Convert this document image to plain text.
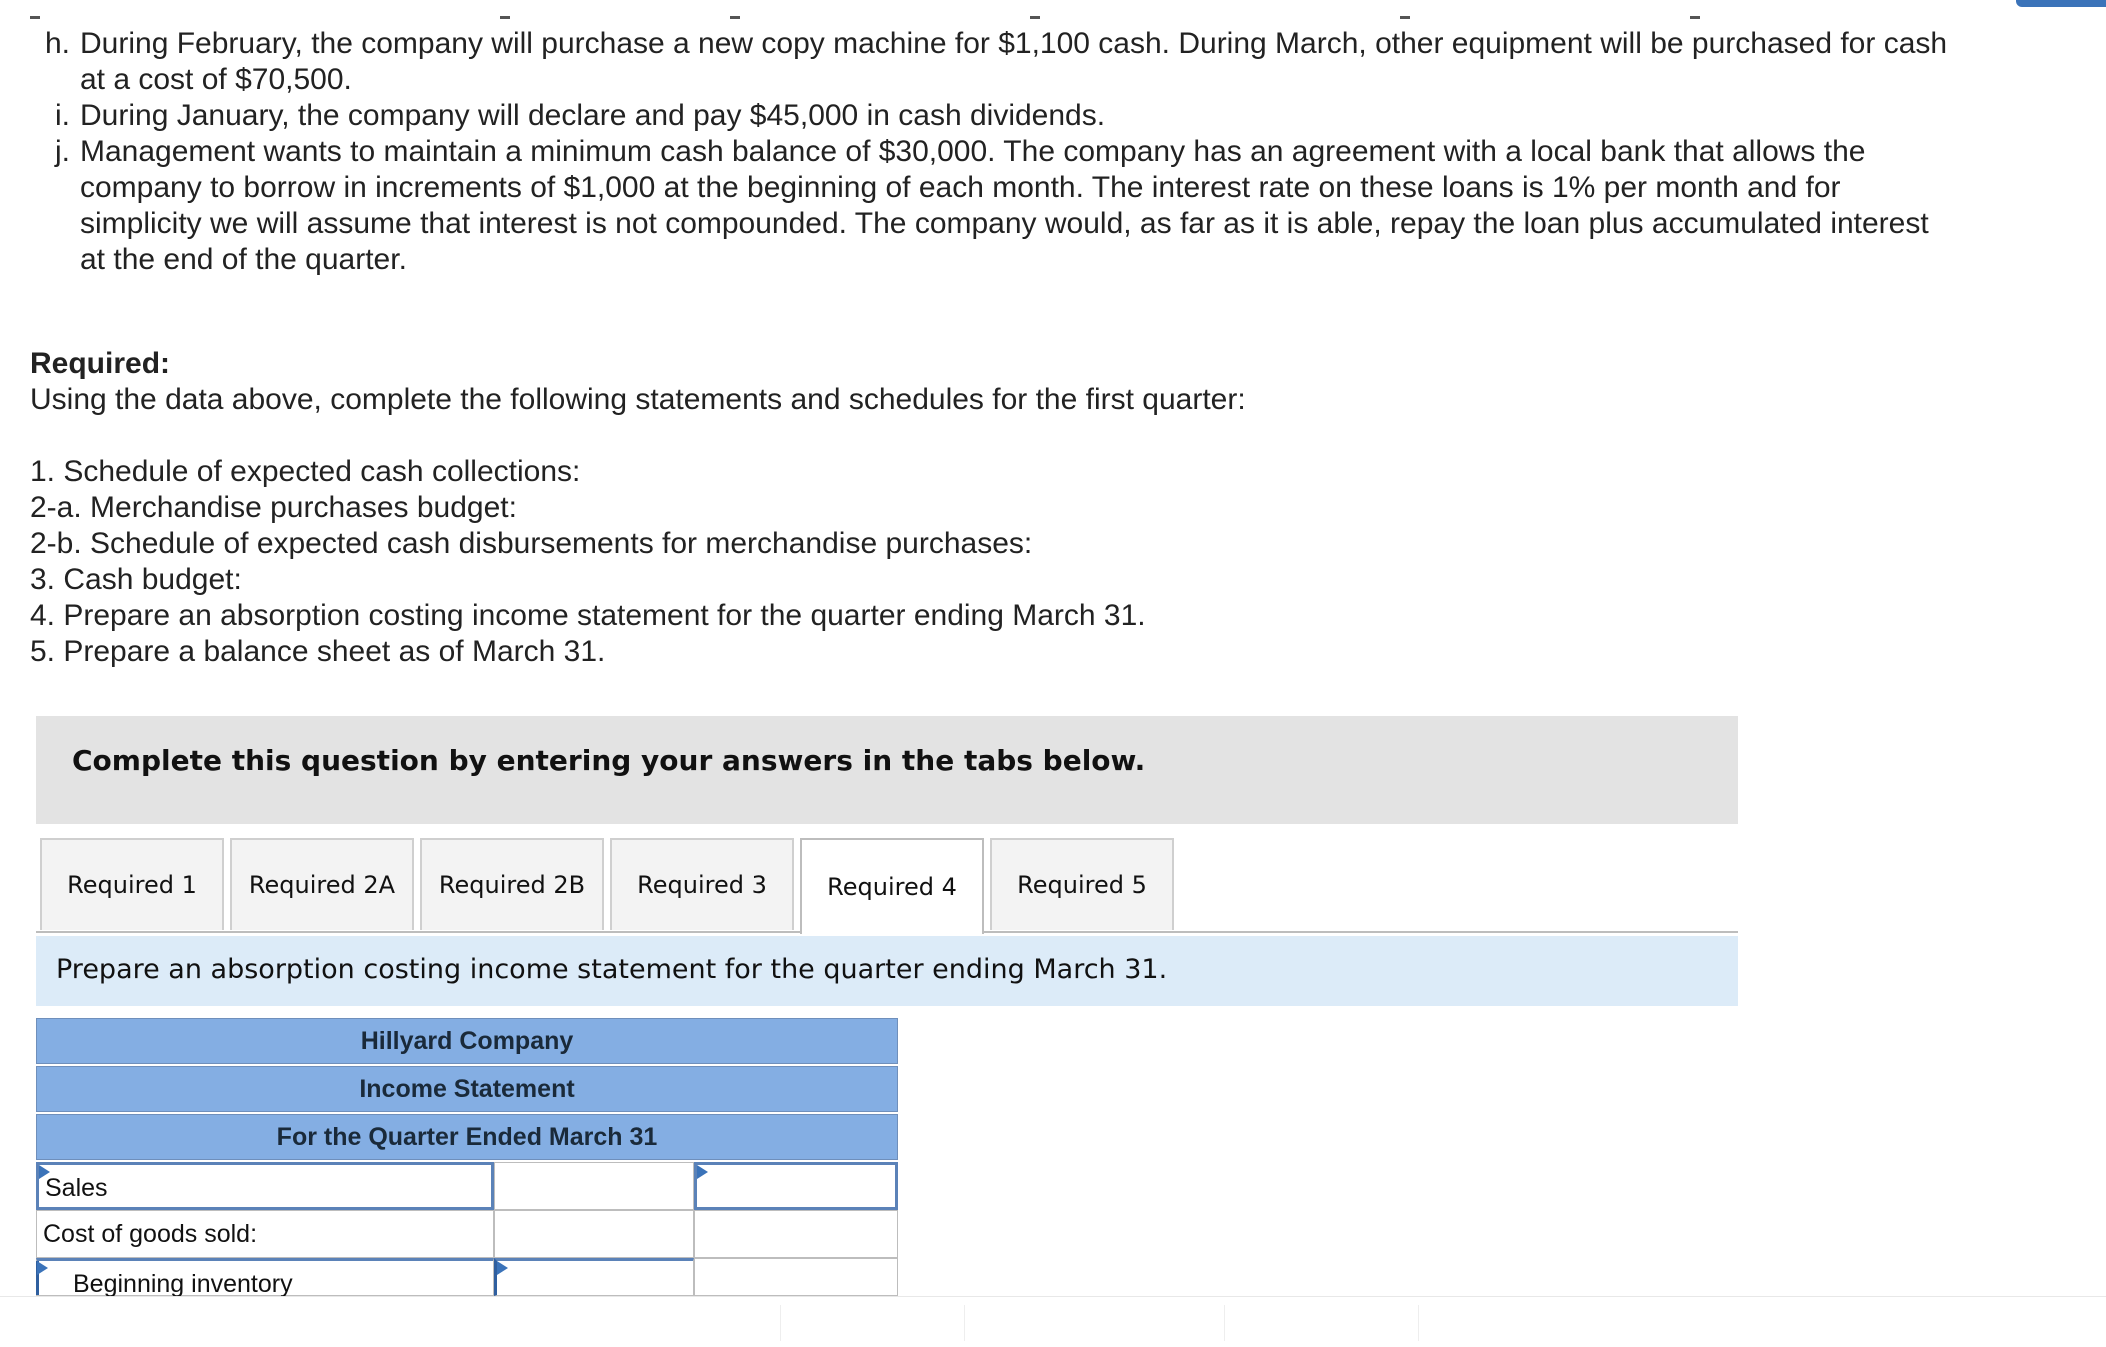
h. During February, the company will purchase a new copy machine for $1,100 cash. During March, other equipment will be purchased for cash at a cost of $70,500.
i. During January, the company will declare and pay $45,000 in cash dividends.
j. Management wants to maintain a minimum cash balance of $30,000. The company has an agreement with a local bank that allows the company to borrow in increments of $1,000 at the beginning of each month. The interest rate on these loans is 1% per month and for simplicity we will assume that interest is not compounded. The company would, as far as it is able, repay the loan plus accumulated interest at the end of the quarter.
Required:
Using the data above, complete the following statements and schedules for the first quarter:
1. Schedule of expected cash collections:
2-a. Merchandise purchases budget:
2-b. Schedule of expected cash disbursements for merchandise purchases:
3. Cash budget:
4. Prepare an absorption costing income statement for the quarter ending March 31.
5. Prepare a balance sheet as of March 31.
Complete this question by entering your answers in the tabs below.
Required 1	Required 2A	Required 2B	Required 3	Required 4	Required 5
Prepare an absorption costing income statement for the quarter ending March 31.
Hillyard Company
Income Statement
For the Quarter Ended March 31
Sales
Cost of goods sold:
Beginning inventory
